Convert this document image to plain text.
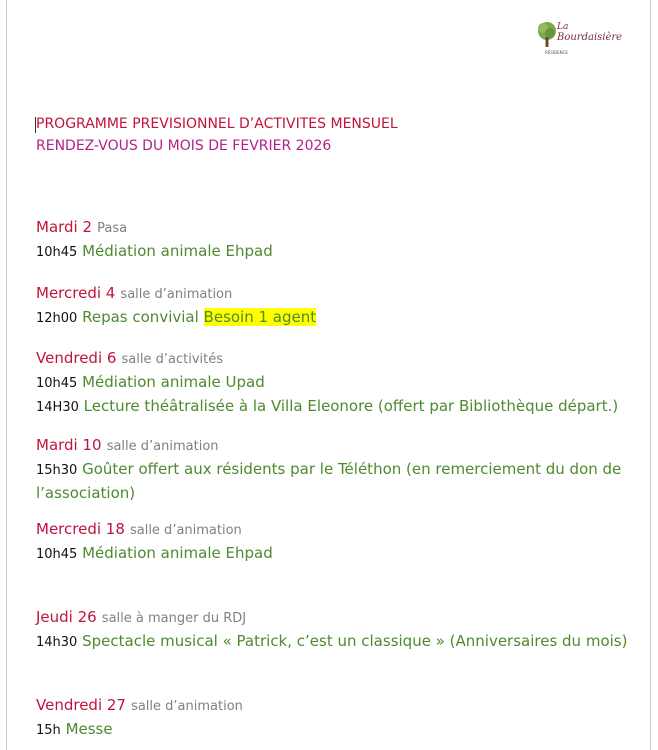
La
Bourdaisière
RÉSIDENCE
PROGRAMME PREVISIONNEL D’ACTIVITES MENSUEL
RENDEZ-VOUS DU MOIS DE FEVRIER 2026
Mardi 2 Pasa
10h45 Médiation animale Ehpad
Mercredi 4 salle d’animation
12h00 Repas convivial Besoin 1 agent
Vendredi 6 salle d’activités
10h45 Médiation animale Upad
14H30 Lecture théâtralisée à la Villa Eleonore (offert par Bibliothèque départ.)
Mardi 10 salle d’animation
15h30 Goûter offert aux résidents par le Téléthon (en remerciement du don de l’association)
Mercredi 18 salle d’animation
10h45 Médiation animale Ehpad
Jeudi 26 salle à manger du RDJ
14h30 Spectacle musical « Patrick, c’est un classique » (Anniversaires du mois)
Vendredi 27 salle d’animation
15h Messe
